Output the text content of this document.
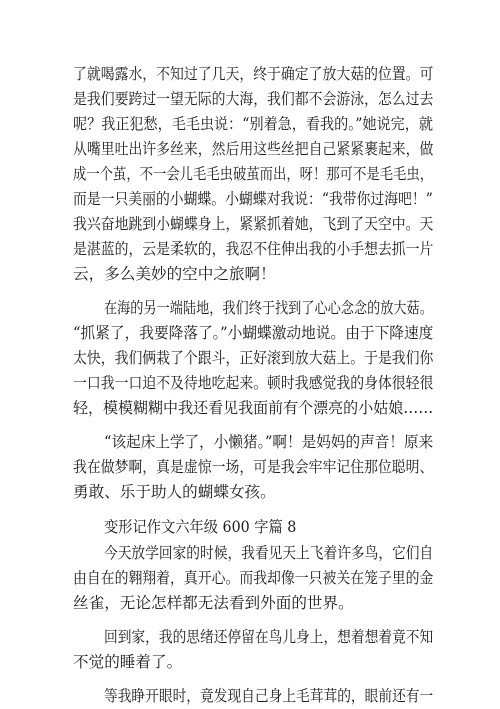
了就喝露水，不知过了几天，终于确定了放大菇的位置。可
是我们要跨过一望无际的大海，我们都不会游泳，怎么过去
呢？我正犯愁，毛毛虫说：“别着急，看我的。”她说完，就
从嘴里吐出许多丝来，然后用这些丝把自己紧紧裹起来，做
成一个茧，不一会儿毛毛虫破茧而出，呀！那可不是毛毛虫，
而是一只美丽的小蝴蝶。小蝴蝶对我说：“我带你过海吧！”
我兴奋地跳到小蝴蝶身上，紧紧抓着她，飞到了天空中。天
是湛蓝的，云是柔软的，我忍不住伸出我的小手想去抓一片
云，多么美妙的空中之旅啊！
在海的另一端陆地，我们终于找到了心心念念的放大菇。
“抓紧了，我要降落了。”小蝴蝶激动地说。由于下降速度
太快，我们俩栽了个跟斗，正好滚到放大菇上。于是我们你
一口我一口迫不及待地吃起来。顿时我感觉我的身体很轻很
轻，模模糊糊中我还看见我面前有个漂亮的小姑娘……
“该起床上学了，小懒猪。”啊！是妈妈的声音！原来
我在做梦啊，真是虚惊一场，可是我会牢牢记住那位聪明、
勇敢、乐于助人的蝴蝶女孩。
变形记作文六年级 600 字篇 8
今天放学回家的时候，我看见天上飞着许多鸟，它们自
由自在的翱翔着，真开心。而我却像一只被关在笼子里的金
丝雀，无论怎样都无法看到外面的世界。
回到家，我的思绪还停留在鸟儿身上，想着想着竟不知
不觉的睡着了。
等我睁开眼时，竟发现自己身上毛茸茸的，眼前还有一
